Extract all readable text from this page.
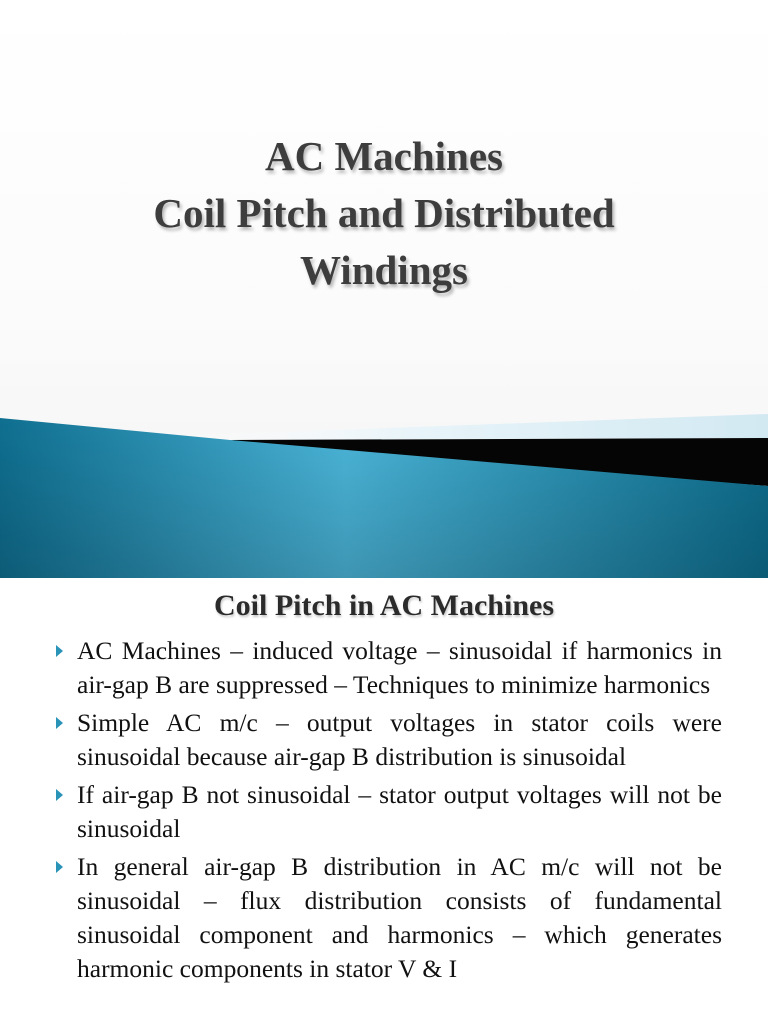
AC Machines
Coil Pitch and Distributed
Windings
Coil Pitch in AC Machines
AC Machines – induced voltage – sinusoidal if harmonics in air-gap B are suppressed – Techniques to minimize harmonics
Simple AC m/c – output voltages in stator coils were sinusoidal because air-gap B distribution is sinusoidal
If air-gap B not sinusoidal – stator output voltages will not be sinusoidal
In general air-gap B distribution in AC m/c will not be sinusoidal – flux distribution consists of fundamental sinusoidal component and harmonics – which generates harmonic components in stator V & I
